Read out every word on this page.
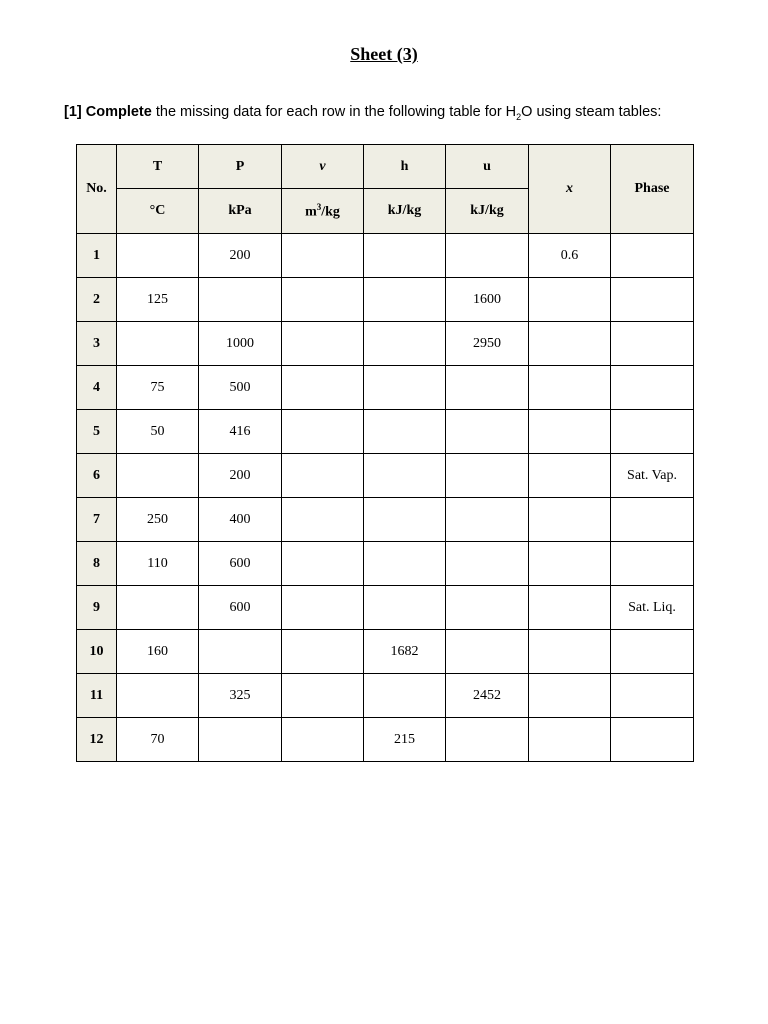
Sheet (3)
[1] Complete the missing data for each row in the following table for $H_2O$ using steam tables:
No.	T	P	v	h	u	x	Phase
	°C	kPa	$m^3/kg$	kJ/kg	kJ/kg		
1		200				0.6	
2	125				1600		
3		1000			2950		
4	75	500					
5	50	416					
6		200					Sat. Vap.
7	250	400					
8	110	600					
9		600					Sat. Liq.
10	160			1682			
11		325			2452		
12	70			215			
